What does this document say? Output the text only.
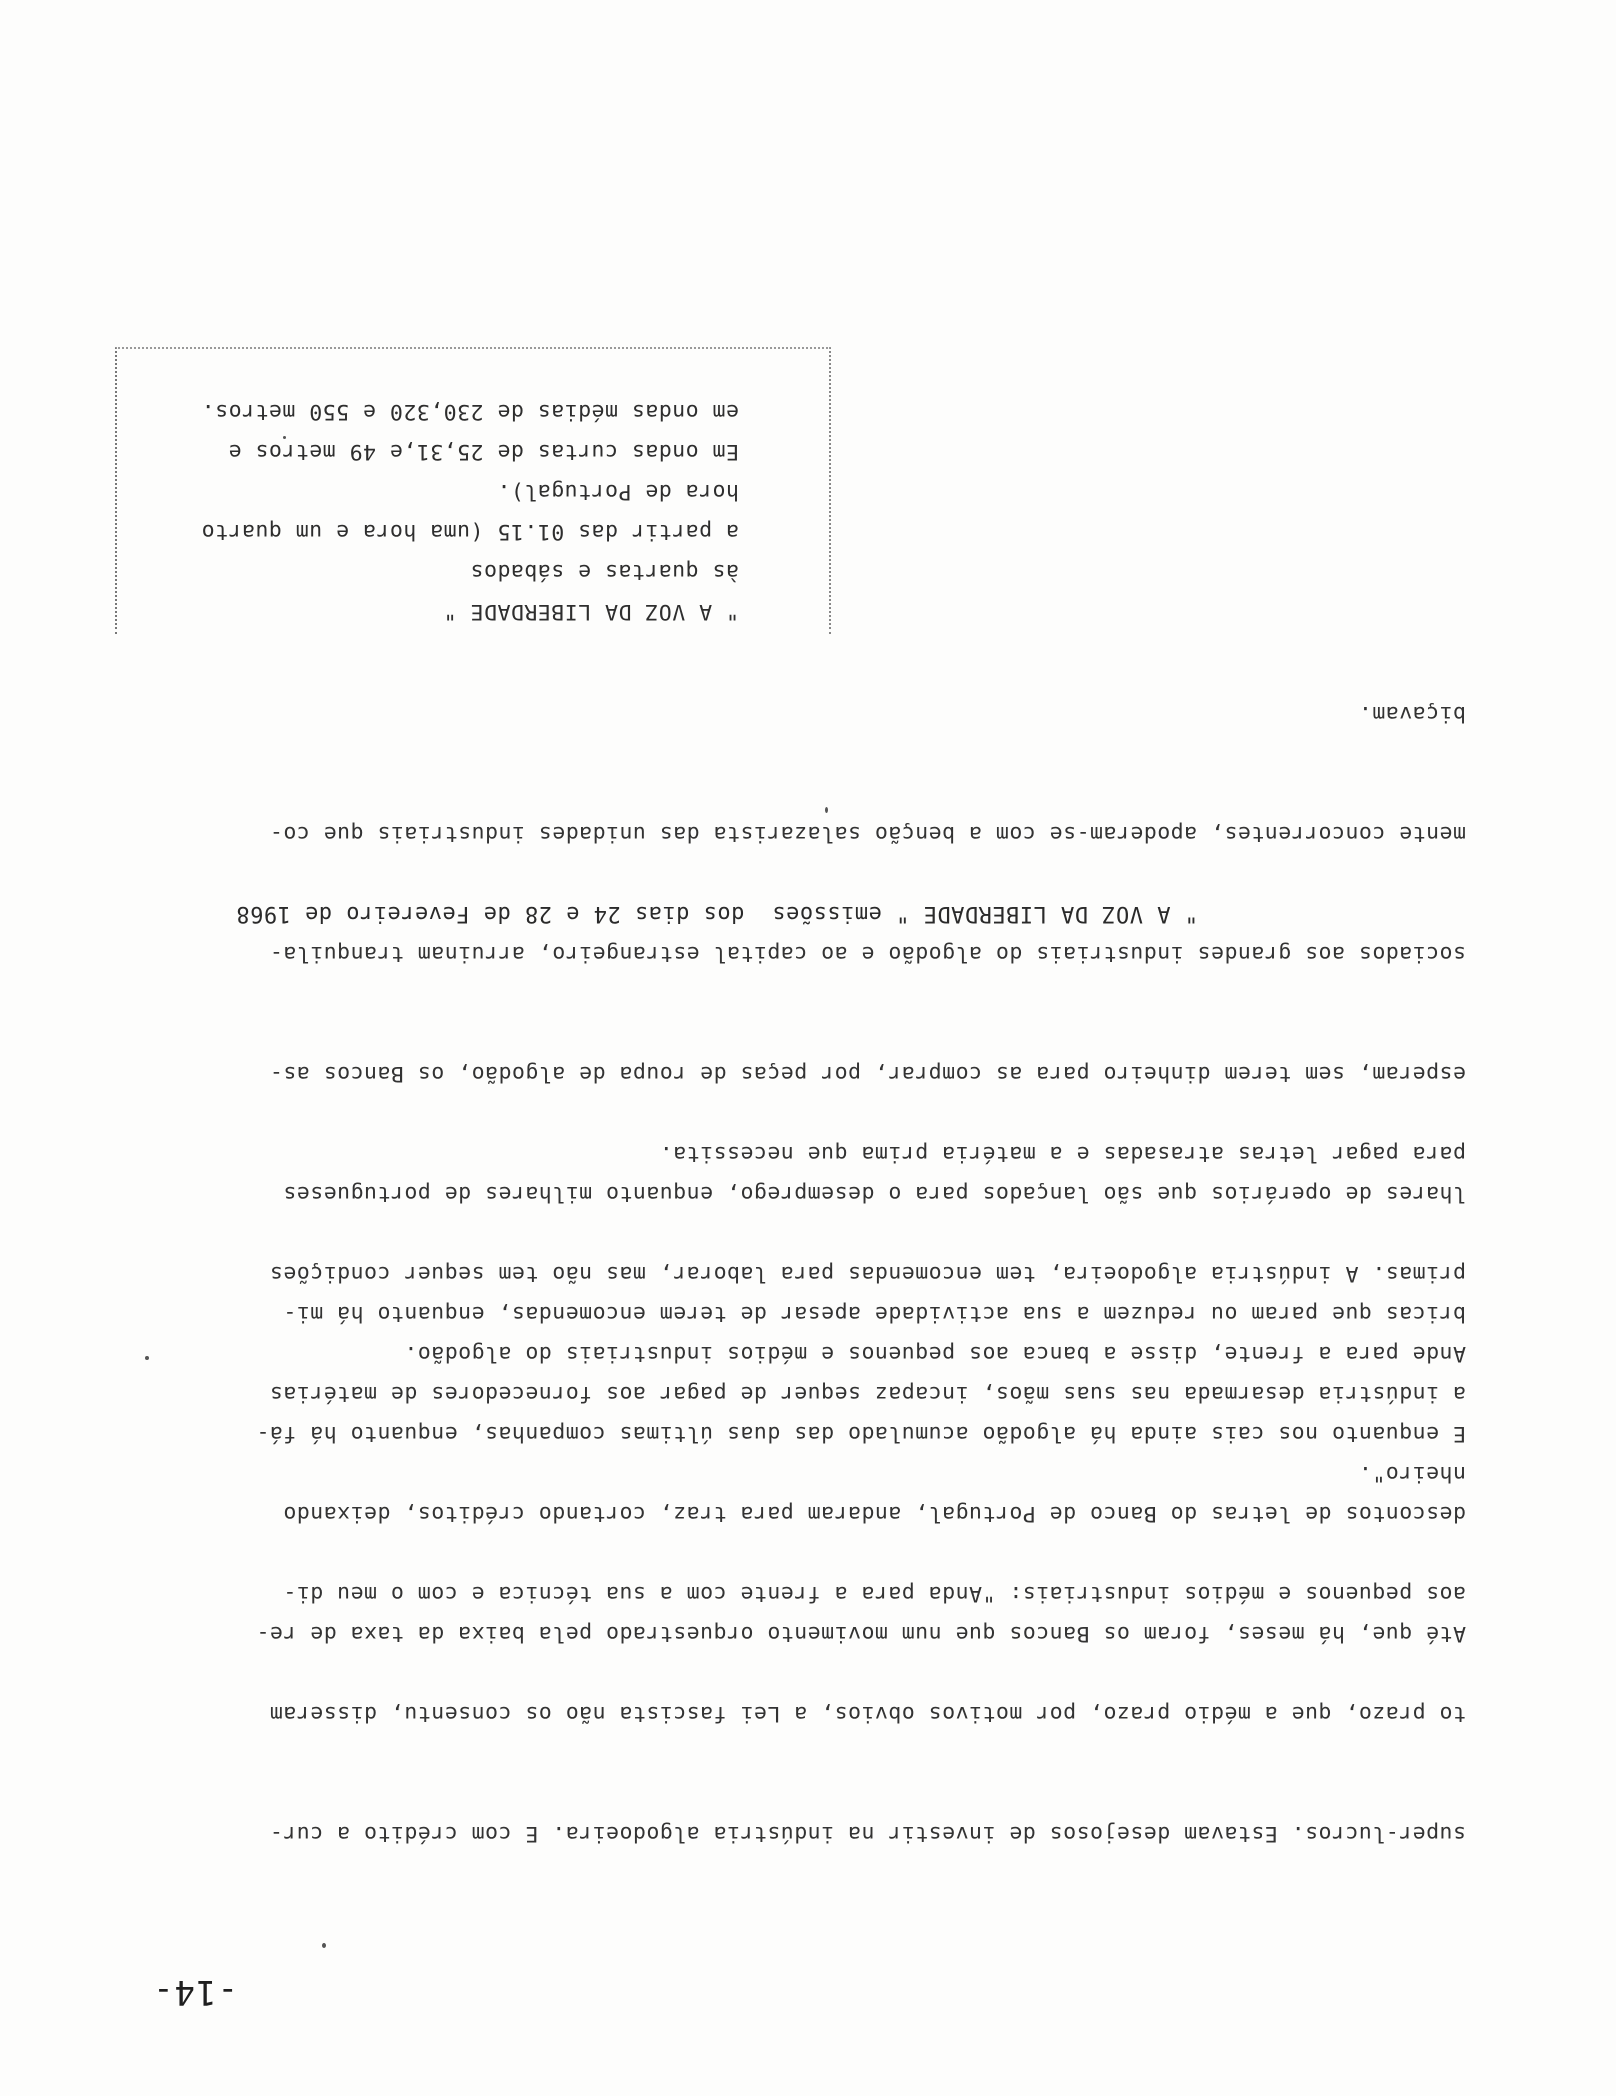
-14-

super-lucros. Estavam desejosos de investir na indústria algodoeira. E com crédito a cur-

to prazo, que a médio prazo, por motivos obvios, a Lei fascista não os consentu, disseram

aos pequenos e médios industriais: "Anda para a frente com a sua técnica e com o meu di-

nheiro".

Ande para a frente, disse a banca aos pequenos e médios industriais do algodão.

Até que, há meses, foram os Bancos que num movimento orquestrado pela baixa da taxa de re-

descontos de letras do Banco de Portugal, andaram para traz, cortando créditos, deixando

a indústria desarmada nas suas mãos, incapaz sequer de pagar aos fornecedores de matérias

primas. A indústria algodoeira, tem encomendas para laborar, mas não tem sequer condições

para pagar letras atrasadas e a matéria prima que necessita.

E enquanto nos cais ainda há algodão acumulado das duas últimas companhas, enquanto há fá-

bricas que param ou reduzem a sua actividade apesar de terem encomendas, enquanto há mi-

lhares de operários que são lançados para o desemprego, enquanto milhares de portugueses

esperam, sem terem dinheiro para as comprar, por peças de roupa de algodão, os Bancos as-

sociados aos grandes industriais do algodão e ao capital estrangeiro, arruinam tranquila-

mente concorrentes, apoderam-se com a benção salazarista das unidades industriais que co-

biçavam.

" A VOZ DA LIBERDADE " emissões  dos dias 24 e 28 de Fevereiro de 1968
" A VOZ DA LIBERDADE "
às quartas e sábados
a partir das 01.15 (uma hora e um quarto
hora de Portugal).
Em ondas curtas de 25,31,e 49 metros e
em ondas médias de 230,320 e 550 metros.
